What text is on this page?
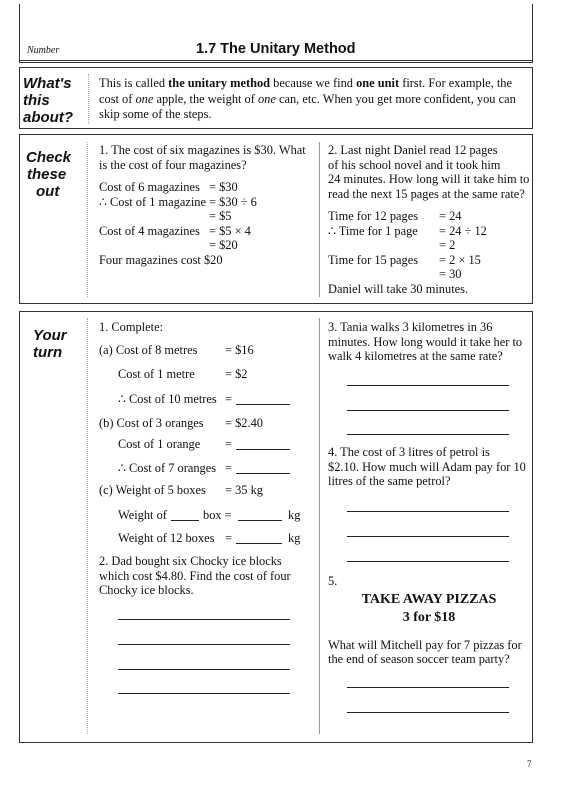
Number	1.7 The Unitary Method
What's
this
about?
This is called the unitary method because we find one unit first. For example, the cost of one apple, the weight of one can, etc. When you get more confident, you can skip some of the steps.
Check
these
out
1. The cost of six magazines is $30. What is the cost of four magazines?
Cost of 6 magazines = $30
∴ Cost of 1 magazine = $30 ÷ 6
= $5
Cost of 4 magazines = $5 × 4
= $20
Four magazines cost $20
2. Last night Daniel read 12 pages
of his school novel and it took him
24 minutes. How long will it take him to
read the next 15 pages at the same rate?
Time for 12 pages = 24
∴ Time for 1 page = 24 ÷ 12
= 2
Time for 15 pages = 2 × 15
= 30
Daniel will take 30 minutes.
Your
turn
1. Complete:
(a) Cost of 8 metres = $16
Cost of 1 metre = $2
∴ Cost of 10 metres =
(b) Cost of 3 oranges = $2.40
Cost of 1 orange =
∴ Cost of 7 oranges =
(c) Weight of 5 boxes = 35 kg
Weight of	box =	kg
Weight of 12 boxes =	kg
2. Dad bought six Chocky ice blocks
which cost $4.80. Find the cost of four
Chocky ice blocks.
3. Tania walks 3 kilometres in 36
minutes. How long would it take her to
walk 4 kilometres at the same rate?
4. The cost of 3 litres of petrol is
$2.10. How much will Adam pay for 10
litres of the same petrol?
5.
TAKE AWAY PIZZAS
3 for $18
What will Mitchell pay for 7 pizzas for
the end of season soccer team party?
7
